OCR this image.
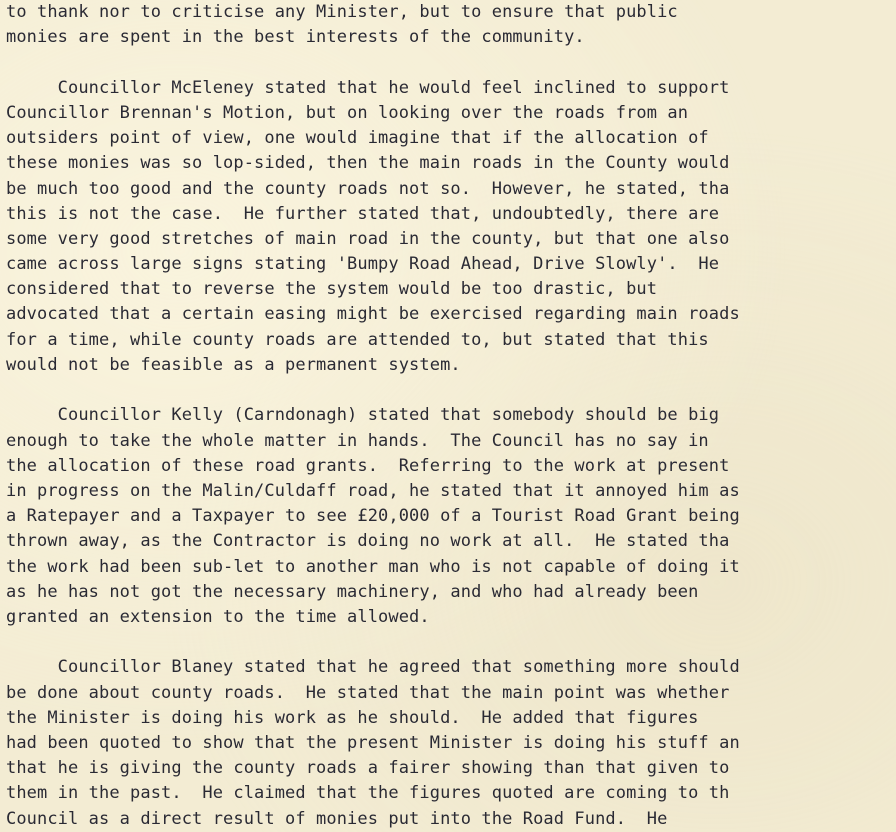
to thank nor to criticise any Minister, but to ensure that public
monies are spent in the best interests of the community.
Councillor McEleney stated that he would feel inclined to support
Councillor Brennan's Motion, but on looking over the roads from an
outsiders point of view, one would imagine that if the allocation of
these monies was so lop-sided, then the main roads in the County would
be much too good and the county roads not so.  However, he stated, tha
this is not the case.  He further stated that, undoubtedly, there are
some very good stretches of main road in the county, but that one also
came across large signs stating 'Bumpy Road Ahead, Drive Slowly'.  He
considered that to reverse the system would be too drastic, but
advocated that a certain easing might be exercised regarding main roads
for a time, while county roads are attended to, but stated that this
would not be feasible as a permanent system.
Councillor Kelly (Carndonagh) stated that somebody should be big
enough to take the whole matter in hands.  The Council has no say in
the allocation of these road grants.  Referring to the work at present
in progress on the Malin/Culdaff road, he stated that it annoyed him as
a Ratepayer and a Taxpayer to see £20,000 of a Tourist Road Grant being
thrown away, as the Contractor is doing no work at all.  He stated tha
the work had been sub-let to another man who is not capable of doing it
as he has not got the necessary machinery, and who had already been
granted an extension to the time allowed.
Councillor Blaney stated that he agreed that something more should
be done about county roads.  He stated that the main point was whether
the Minister is doing his work as he should.  He added that figures
had been quoted to show that the present Minister is doing his stuff an
that he is giving the county roads a fairer showing than that given to
them in the past.  He claimed that the figures quoted are coming to th
Council as a direct result of monies put into the Road Fund.  He
